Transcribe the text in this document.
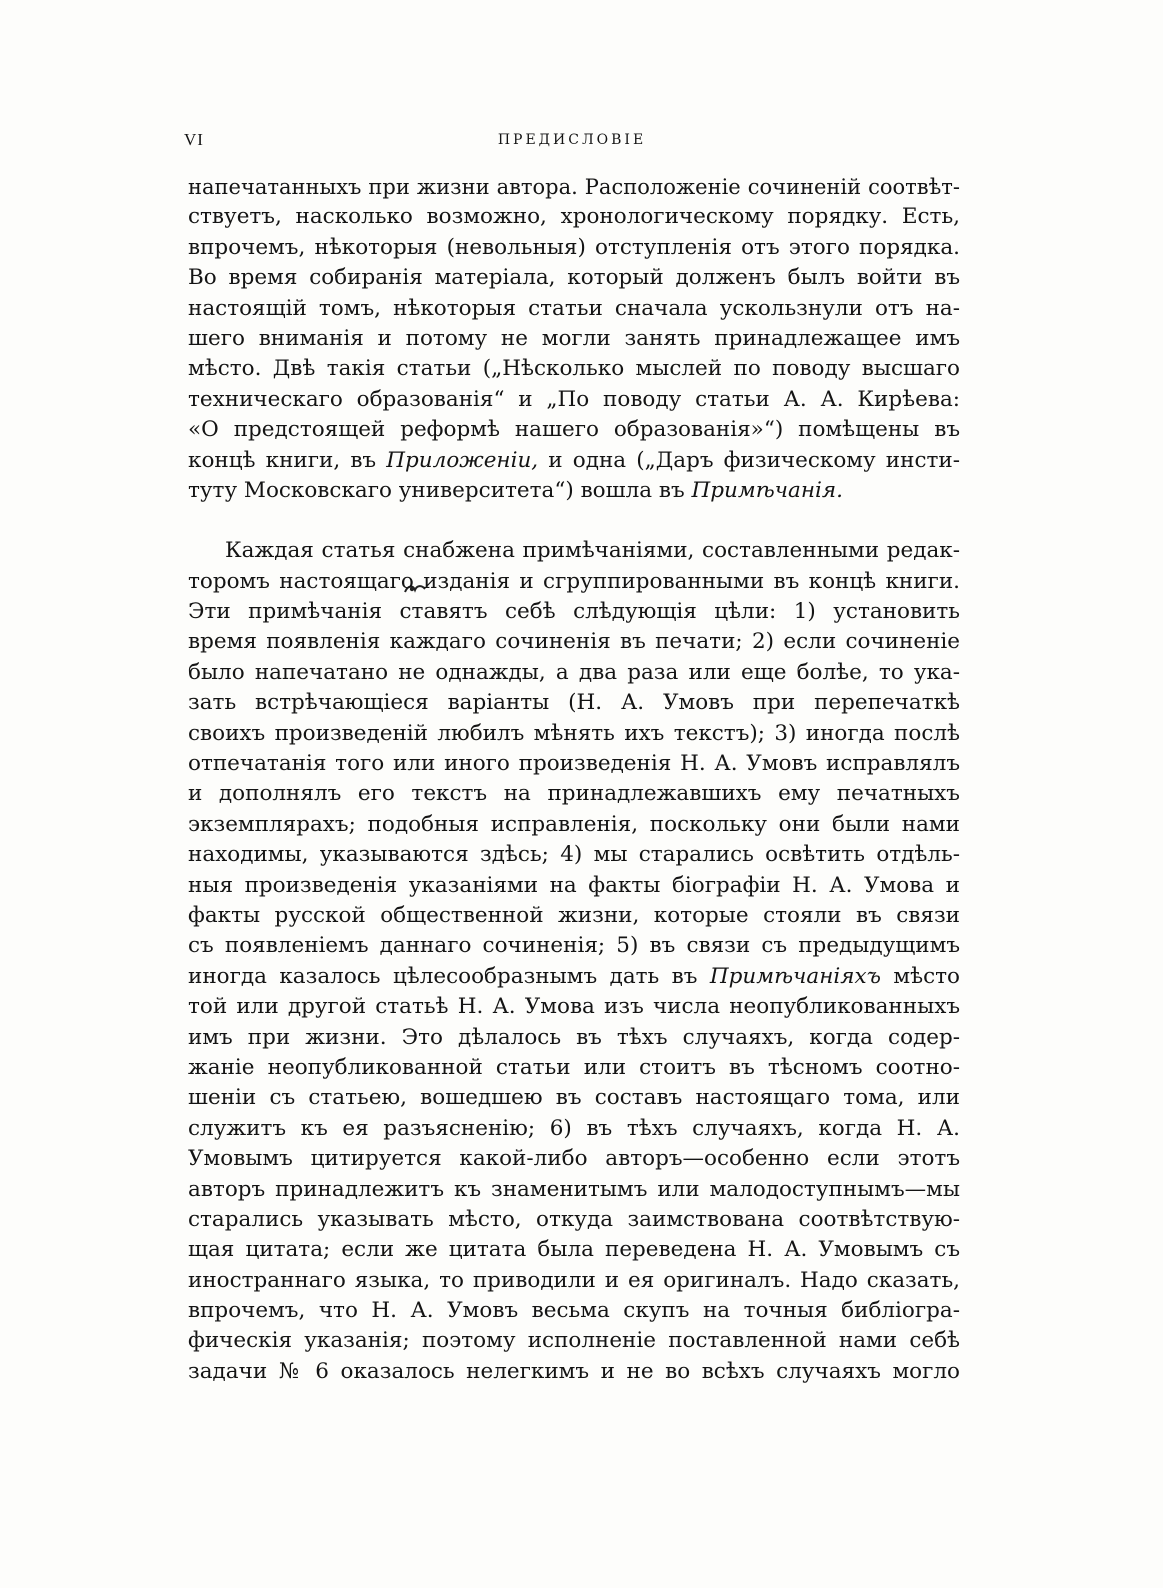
VI	ПРЕДИСЛОВIE
напечатанныхъ при жизни автора. Расположенiе сочиненiй соотвѣт-
ствуетъ, насколько возможно, хронологическому порядку. Есть,
впрочемъ, нѣкоторыя (невольныя) отступленiя отъ этого порядка.
Во время собиранiя матерiала, который долженъ былъ войти въ
настоящiй томъ, нѣкоторыя статьи сначала ускользнули отъ на-
шего вниманiя и потому не могли занять принадлежащее имъ
мѣсто. Двѣ такiя статьи („Нѣсколько мыслей по поводу высшаго
техническаго образованiя“ и „По поводу статьи А. А. Кирѣева:
«О предстоящей реформѣ нашего образованiя»“) помѣщены въ
концѣ книги, въ Приложенiи, и одна („Даръ физическому инсти-
туту Московскаго университета“) вошла въ Примѣчанiя.
Каждая статья снабжена примѣчанiями, составленными редак-
торомъ настоящаго изданiя и сгруппированными въ концѣ книги.
Эти примѣчанiя ставятъ себѣ слѣдующiя цѣли: 1) установить
время появленiя каждаго сочиненiя въ печати; 2) если сочиненiе
было напечатано не однажды, а два раза или еще болѣе, то ука-
зать встрѣчающiеся варiанты (Н. А. Умовъ при перепечаткѣ
своихъ произведенiй любилъ мѣнять ихъ текстъ); 3) иногда послѣ
отпечатанiя того или иного произведенiя Н. А. Умовъ исправлялъ
и дополнялъ его текстъ на принадлежавшихъ ему печатныхъ
экземплярахъ; подобныя исправленiя, поскольку они были нами
находимы, указываются здѣсь; 4) мы старались освѣтить отдѣль-
ныя произведенiя указанiями на факты бiографiи Н. А. Умова и
факты русской общественной жизни, которые стояли въ связи
съ появленiемъ даннаго сочиненiя; 5) въ связи съ предыдущимъ
иногда казалось цѣлесообразнымъ дать въ Примѣчанiяхъ мѣсто
той или другой статьѣ Н. А. Умова изъ числа неопубликованныхъ
имъ при жизни. Это дѣлалось въ тѣхъ случаяхъ, когда содер-
жанiе неопубликованной статьи или стоитъ въ тѣсномъ соотно-
шенiи съ статьею, вошедшею въ составъ настоящаго тома, или
служитъ къ ея разъясненiю; 6) въ тѣхъ случаяхъ, когда Н. А.
Умовымъ цитируется какой-либо авторъ—особенно если этотъ
авторъ принадлежитъ къ знаменитымъ или малодоступнымъ—мы
старались указывать мѣсто, откуда заимствована соотвѣтствую-
щая цитата; если же цитата была переведена Н. А. Умовымъ съ
иностраннаго языка, то приводили и ея оригиналъ. Надо сказать,
впрочемъ, что Н. А. Умовъ весьма скупъ на точныя библiогра-
фическiя указанiя; поэтому исполненiе поставленной нами себѣ
задачи № 6 оказалось нелегкимъ и не во всѣхъ случаяхъ могло
